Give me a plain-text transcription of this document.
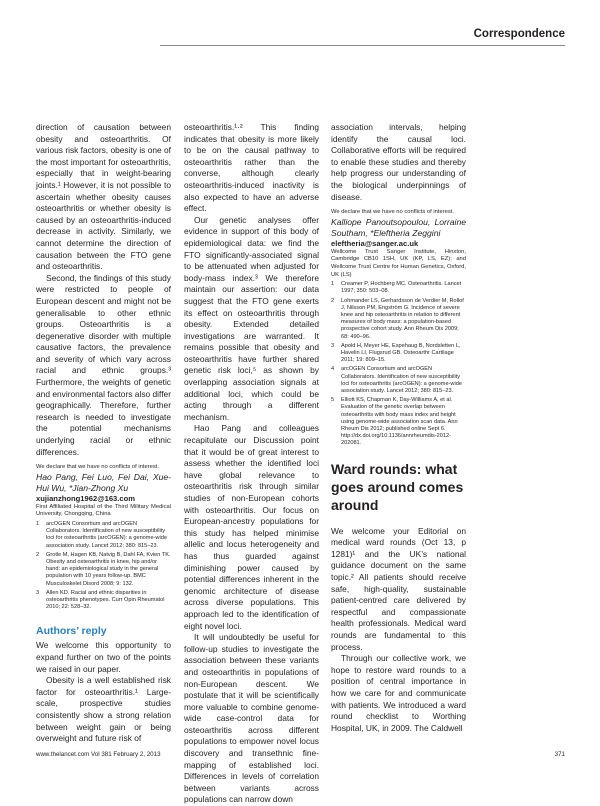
Correspondence

direction of causation between obesity and osteoarthritis. Of various risk factors, obesity is one of the most important for osteoarthritis, especially that in weight-bearing joints.¹ However, it is not possible to ascertain whether obesity causes osteoarthritis or whether obesity is caused by an osteoarthritis-induced decrease in activity. Similarly, we cannot determine the direction of causation between the FTO gene and osteoarthritis.

Second, the findings of this study were restricted to people of European descent and might not be generalisable to other ethnic groups. Osteoarthritis is a degenerative disorder with multiple causative factors, the prevalence and severity of which vary across racial and ethnic groups.³ Furthermore, the weights of genetic and environmental factors also differ geographically. Therefore, further research is needed to investigate the potential mechanisms underlying racial or ethnic differences.

We declare that we have no conflicts of interest.

Hao Pang, Fei Luo, Fei Dai, Xue-Hui Wu, *Jian-Zhong Xu

xujianzhong1962@163.com

First Affiliated Hospital of the Third Military Medical University, Chongqing, China

1	arcOGEN Consortium and arcOGEN Collaborators. Identification of new susceptibility loci for osteoarthritis (arcOGEN): a genome-wide association study. Lancet 2012; 380: 815–23.
2	Grotle M, Hagen KB, Natvig B, Dahl FA, Kvien TK. Obesity and osteoarthritis in knee, hip and/or hand: an epidemiological study in the general population with 10 years follow-up. BMC Musculoskelet Disord 2008; 9: 132.
3	Allen KD. Racial and ethnic disparities in osteoarthritis phenotypes. Curr Opin Rheumatol 2010; 22: 528–32.
Authors’ reply

We welcome this opportunity to expand further on two of the points we raised in our paper.

Obesity is a well established risk factor for osteoarthritis.¹ Large-scale, prospective studies consistently show a strong relation between weight gain or being overweight and future risk of

osteoarthritis.¹·² This finding indicates that obesity is more likely to be on the causal pathway to osteoarthritis rather than the converse, although clearly osteoarthritis-induced inactivity is also expected to have an adverse effect.

Our genetic analyses offer evidence in support of this body of epidemiological data: we find the FTO significantly-associated signal to be attenuated when adjusted for body-mass index.³ We therefore maintain our assertion: our data suggest that the FTO gene exerts its effect on osteoarthritis through obesity. Extended detailed investigations are warranted. It remains possible that obesity and osteoarthritis have further shared genetic risk loci,⁵ as shown by overlapping association signals at additional loci, which could be acting through a different mechanism.

Hao Pang and colleagues recapitulate our Discussion point that it would be of great interest to assess whether the identified loci have global relevance to osteoarthritis risk through similar studies of non-European cohorts with osteoarthritis. Our focus on European-ancestry populations for this study has helped minimise allelic and locus heterogeneity and has thus guarded against diminishing power caused by potential differences inherent in the genomic architecture of disease across diverse populations. This approach led to the identification of eight novel loci.

It will undoubtedly be useful for follow-up studies to investigate the association between these variants and osteoarthritis in populations of non-European descent. We postulate that it will be scientifically more valuable to combine genome-wide case-control data for osteoarthritis across different populations to empower novel locus discovery and transethnic fine-mapping of established loci. Differences in levels of correlation between variants across populations can narrow down

association intervals, helping identify the causal loci. Collaborative efforts will be required to enable these studies and thereby help progress our understanding of the biological underpinnings of disease.

We declare that we have no conflicts of interest.

Kalliope Panoutsopoulou, Lorraine Southam, *Eleftheria Zeggini

eleftheria@sanger.ac.uk

Wellcome Trust Sanger Institute, Hinxton, Cambridge CB10 1SH, UK (KP, LS, EZ); and Wellcome Trust Centre for Human Genetics, Oxford, UK (LS)

1	Creamer P, Hochberg MC. Osteoarthritis. Lancet 1997; 350: 503–08.
2	Lohmander LS, Gerhardsson de Verdier M, Rollof J, Nilsson PM, Engström G. Incidence of severe knee and hip osteoarthritis in relation to different measures of body mass: a population-based prospective cohort study. Ann Rheum Dis 2009; 68: 490–96.
3	Apold H, Meyer HE, Espehaug B, Nordsletten L, Havelin LI, Flugsrud GB. Osteoarthr Cartilage 2011; 19: 809–15.
4	arcOGEN Consortium and arcOGEN Collaborators. Identification of new susceptibility loci for osteoarthritis (arcOGEN): a genome-wide association study. Lancet 2012; 380: 815–23.
5	Elliott KS, Chapman K, Day-Williams A, et al. Evaluation of the genetic overlap between osteoarthritis with body mass index and height using genome-wide association scan data. Ann Rheum Dis 2012; published online Sept 6. http://dx.doi.org/10.1136/annrheumdis-2012-202081.
Ward rounds: what goes around comes around

We welcome your Editorial on medical ward rounds (Oct 13, p 1281)¹ and the UK’s national guidance document on the same topic.² All patients should receive safe, high-quality, sustainable patient-centred care delivered by respectful and compassionate health professionals. Medical ward rounds are fundamental to this process.

Through our collective work, we hope to restore ward rounds to a position of central importance in how we care for and communicate with patients. We introduced a ward round checklist to Worthing Hospital, UK, in 2009. The Caldwell

www.thelancet.com Vol 381 February 2, 2013	371
